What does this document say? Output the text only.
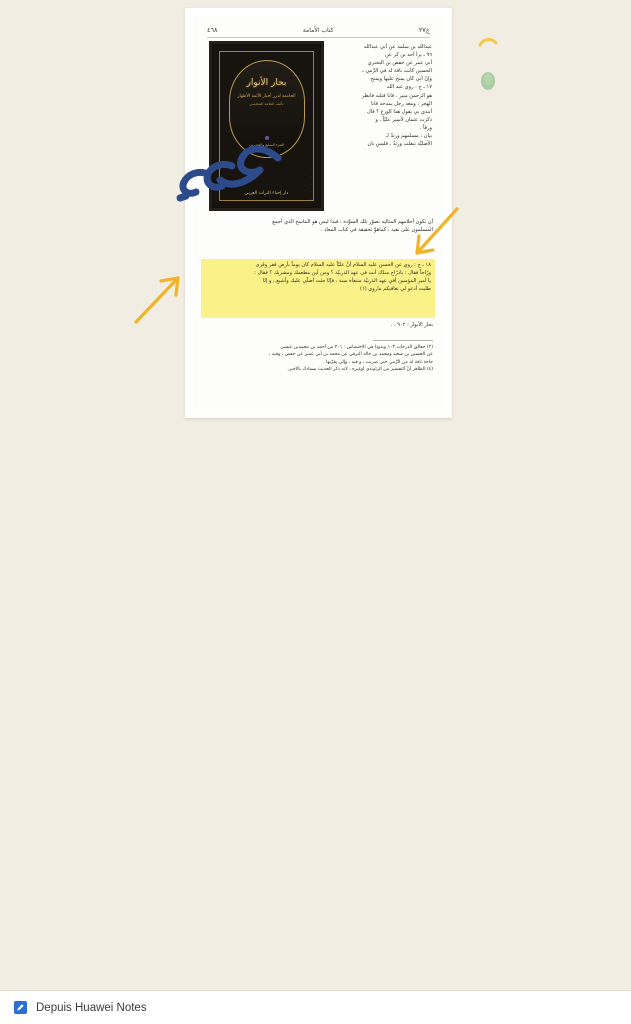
ج٢٧
كتاب الأمامة
٤٦٨
بحار الأنوار
الجامعة لدرر أخبار الأئمة الأطهار
تأليف العلامة المجلسي
الجزء السابع والعشرون
دار إحياء التراث العربي
عبدالله بن سلمة عن أبي عبدالله
٩٦ ـ يرأ أحد بن كر عن
أبي عمر عن حفص بن البختري
الحسين كانت ناقة له في الرَّمي ـ
وإنْ أبي كان يمنح عليها ويمنح
١٧ ـ ج : روي عبد الله
هو الرحمن منير ، فانا فتلته فانظر
الهجر ، ومعه رجل يمدحه فانا
أتندي بي يقول هذا الورع ؟ قال
ذكرت عثمان لأسير عليّاً ، و
ورقاً .
بيان : مسلمهم ورثةً لـ
الأصليَّة تنقلب ورثةً ، فليس بان
ـ
ـ
ـ
ـ
ـ
أن تكون أحلامهم المثالية تصوّر تلك السوَّدة ، فبذا ليس هو التناسخ الذي أجمع
المسلمون على نفيه ، كماهوَّ تحقيقة في كتاب المعاد .
١٨ ـ ج : روي عن الحسن عليه السلام أنَّ عليّاً عليه السلام كان يوماً بأرض قفر وقرى
ورّاجاً فقال : يادرّاج مندّك أنت في عهد الذربيّة ؟ ومن أين مطعمك ومشربك ؟ فقال :
يا أمير المؤمنين أُفي عهد الذربيّة متنفأة سنة ، فإنّا جئت أصلّي عليك وأشيع ، و إنّا
طلبت أدعو لي تغافيكم ماروي (١)
بحار الأنوار : ٩٠٢ ، .
(٢) جعالق الدرجات ١٠٣ وبذوذا في الاختصاص : ٣٠١ من أحمد بن محمدبن عيسى
عن الحسين بن سعيد ومحمد بن خالد البرقي عن محمد بن أبي عمير عن حفص ، وفيه ،
حاجة ناقة له من الرَّمي حتى ضربت ، و فيه ، وإلى يقرّبها .
(٤) الظاهر أنَّ التفسير من الراوندي أوغيره ، لانه ذكر الحديث بسنادك بالأخير.
Depuis Huawei Notes
